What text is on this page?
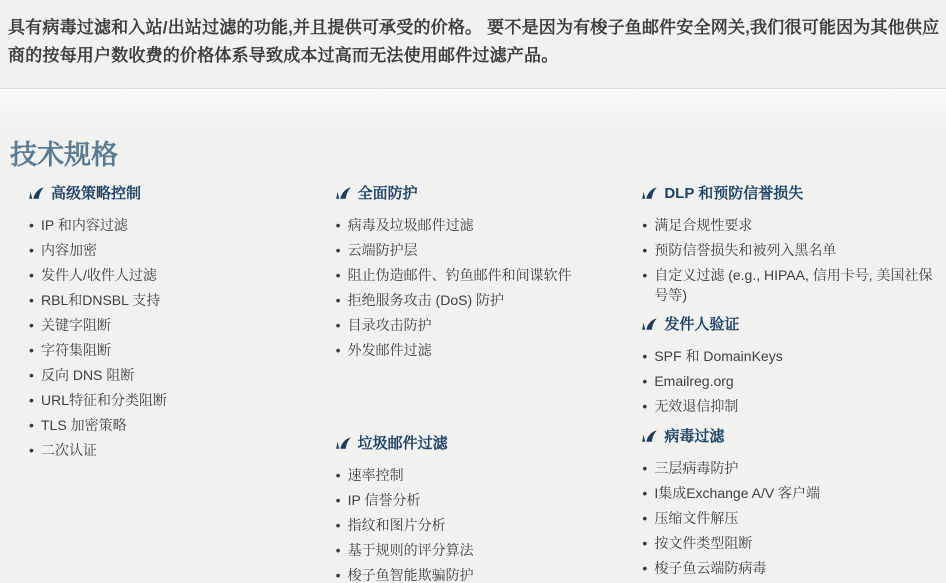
具有病毒过滤和入站/出站过滤的功能,并且提供可承受的价格。 要不是因为有梭子鱼邮件安全网关,我们很可能因为其他供应商的按每用户数收费的价格体系导致成本过高而无法使用邮件过滤产品。

技术规格
高级策略控制
• IP 和内容过滤
• 内容加密
• 发件人/收件人过滤
• RBL和DNSBL 支持
• 关键字阻断
• 字符集阻断
• 反向 DNS 阻断
• URL特征和分类阻断
• TLS 加密策略
• 二次认证
全面防护
• 病毒及垃圾邮件过滤
• 云端防护层
• 阻止伪造邮件、钓鱼邮件和间谍软件
• 拒绝服务攻击 (DoS) 防护
• 目录攻击防护
• 外发邮件过滤
垃圾邮件过滤
• 速率控制
• IP 信誉分析
• 指纹和图片分析
• 基于规则的评分算法
• 梭子鱼智能欺骗防护
DLP 和预防信誉损失
• 满足合规性要求
• 预防信誉损失和被列入黑名单
• 自定义过滤 (e.g., HIPAA, 信用卡号, 美国社保号等)
发件人验证
• SPF 和 DomainKeys
• Emailreg.org
• 无效退信抑制
病毒过滤
• 三层病毒防护
• I集成Exchange A/V 客户端
• 压缩文件解压
• 按文件类型阻断
• 梭子鱼云端防病毒
